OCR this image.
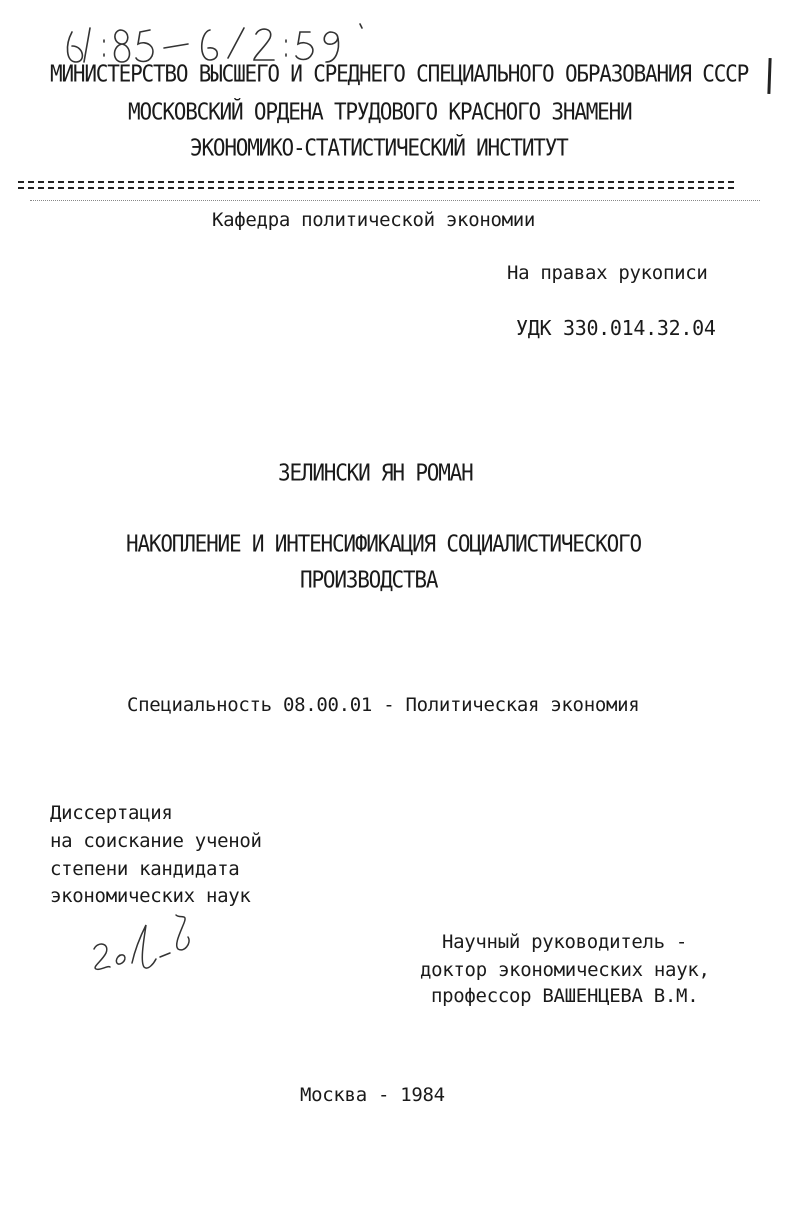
МИНИСТЕРСТВО ВЫСШЕГО И СРЕДНЕГО СПЕЦИАЛЬНОГО ОБРАЗОВАНИЯ СССР
МОСКОВСКИЙ ОРДЕНА ТРУДОВОГО КРАСНОГО ЗНАМЕНИ
ЭКОНОМИКО-СТАТИСТИЧЕСКИЙ ИНСТИТУТ
Кафедра политической экономии
На правах рукописи
УДК 330.014.32.04
ЗЕЛИНСКИ ЯН РОМАН
НАКОПЛЕНИЕ И ИНТЕНСИФИКАЦИЯ СОЦИАЛИСТИЧЕСКОГО
ПРОИЗВОДСТВА
Специальность 08.00.01 - Политическая экономия
Диссертация
на соискание ученой
степени кандидата
экономических наук
Научный руководитель -
доктор экономических наук,
профессор ВАШЕНЦЕВА В.М.
Москва - 1984
